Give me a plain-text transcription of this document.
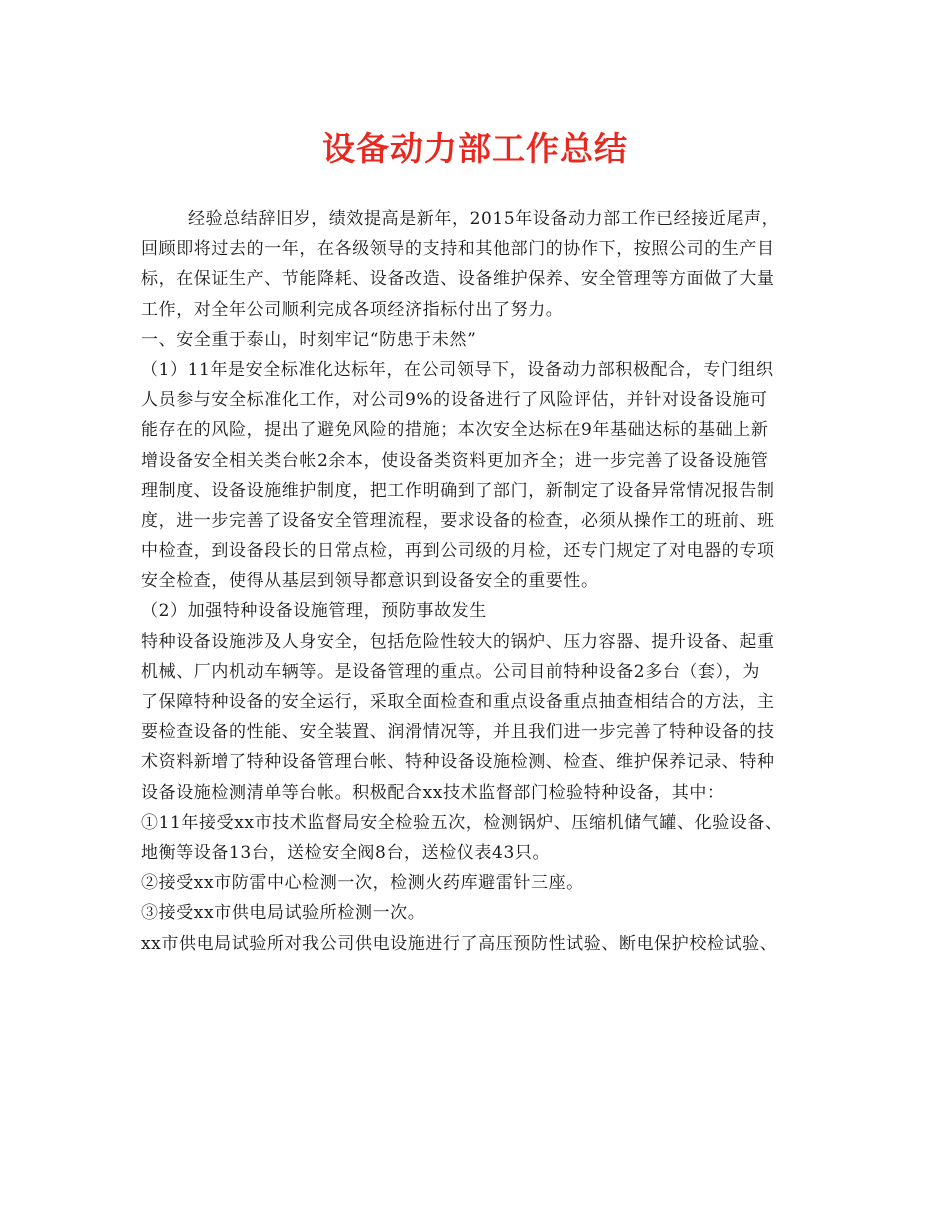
设备动力部工作总结
经验总结辞旧岁，绩效提高是新年，2015年设备动力部工作已经接近尾声，
回顾即将过去的一年，在各级领导的支持和其他部门的协作下，按照公司的生产目
标，在保证生产、节能降耗、设备改造、设备维护保养、安全管理等方面做了大量
工作，对全年公司顺利完成各项经济指标付出了努力。
一、安全重于泰山，时刻牢记“防患于未然”
（1）11年是安全标准化达标年，在公司领导下，设备动力部积极配合，专门组织
人员参与安全标准化工作，对公司9%的设备进行了风险评估，并针对设备设施可
能存在的风险，提出了避免风险的措施；本次安全达标在9年基础达标的基础上新
增设备安全相关类台帐2余本，使设备类资料更加齐全；进一步完善了设备设施管
理制度、设备设施维护制度，把工作明确到了部门，新制定了设备异常情况报告制
度，进一步完善了设备安全管理流程，要求设备的检查，必须从操作工的班前、班
中检查，到设备段长的日常点检，再到公司级的月检，还专门规定了对电器的专项
安全检查，使得从基层到领导都意识到设备安全的重要性。
（2）加强特种设备设施管理，预防事故发生
特种设备设施涉及人身安全，包括危险性较大的锅炉、压力容器、提升设备、起重
机械、厂内机动车辆等。是设备管理的重点。公司目前特种设备2多台（套），为
了保障特种设备的安全运行，采取全面检查和重点设备重点抽查相结合的方法，主
要检查设备的性能、安全装置、润滑情况等，并且我们进一步完善了特种设备的技
术资料新增了特种设备管理台帐、特种设备设施检测、检查、维护保养记录、特种
设备设施检测清单等台帐。积极配合xx技术监督部门检验特种设备，其中：
①11年接受xx市技术监督局安全检验五次，检测锅炉、压缩机储气罐、化验设备、
地衡等设备13台，送检安全阀8台，送检仪表43只。
②接受xx市防雷中心检测一次，检测火药库避雷针三座。
③接受xx市供电局试验所检测一次。
xx市供电局试验所对我公司供电设施进行了高压预防性试验、断电保护校检试验、
